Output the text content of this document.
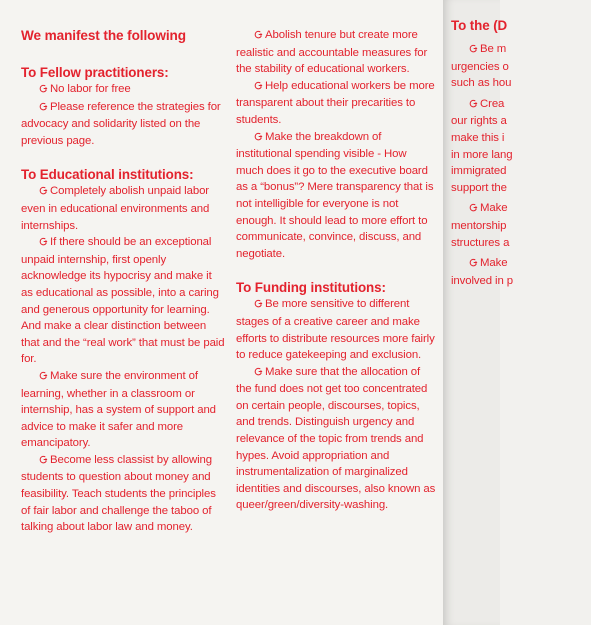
We manifest the following
To Fellow practitioners:

No labor for free

Please reference the strategies for advocacy and solidarity listed on the previous page.

To Educational institutions:

Completely abolish unpaid labor even in educational environments and internships.

If there should be an exceptional unpaid internship, first openly acknowledge its hypocrisy and make it as educational as possible, into a caring and generous opportunity for learning. And make a clear distinction between that and the “real work” that must be paid for.

Make sure the environment of learning, whether in a classroom or internship, has a system of support and advice to make it safer and more emancipatory.

Become less classist by allowing students to question about money and feasibility. Teach students the principles of fair labor and challenge the taboo of talking about labor law and money.

Abolish tenure but create more realistic and accountable measures for the stability of educational workers.

Help educational workers be more transparent about their precarities to students.

Make the breakdown of institutional spending visible - How much does it go to the executive board as a “bonus”? Mere transparency that is not intelligible for everyone is not enough. It should lead to more effort to communicate, convince, discuss, and negotiate.

To Funding institutions:

Be more sensitive to different stages of a creative career and make efforts to distribute resources more fairly to reduce gatekeeping and exclusion.

Make sure that the allocation of the fund does not get too concentrated on certain people, discourses, topics, and trends. Distinguish urgency and relevance of the topic from trends and hypes. Avoid appropriation and instrumentalization of marginalized identities and discourses, also known as queer/green/diversity-washing.

To the (D

Be m

urgencies o

such as hou

Crea

our rights a

make this i

in more lang

immigrated

support the

Make

mentorship

structures a

Make

involved in p
